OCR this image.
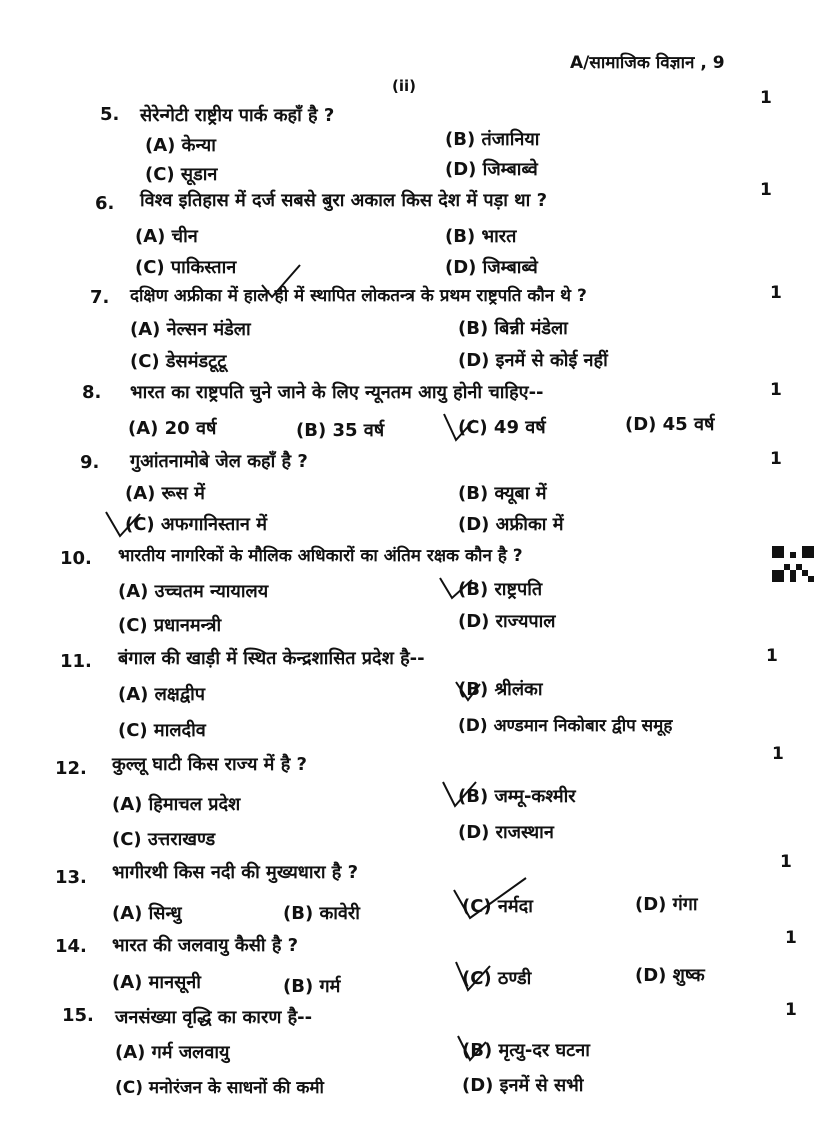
A/सामाजिक विज्ञान , 9
(ii)
5. सेरेन्गेटी राष्ट्रीय पार्क कहाँ है ?
1
(A) केन्या	(B) तंजानिया
(C) सूडान	(D) जिम्बाब्वे
6. विश्व इतिहास में दर्ज सबसे बुरा अकाल किस देश में पड़ा था ?	1
(A) चीन	(B) भारत
(C) पाकिस्तान	(D) जिम्बाब्वे
7. दक्षिण अफ्रीका में हाल ही में स्थापित लोकतन्त्र के प्रथम राष्ट्रपति कौन थे ?	1
(A) नेल्सन मंडेला	(B) बिन्नी मंडेला
(C) डेसमंडटूटू	(D) इनमें से कोई नहीं
8. भारत का राष्ट्रपति चुने जाने के लिए न्यूनतम आयु होनी चाहिए--	1
(A) 20 वर्ष	(B) 35 वर्ष	(C) 49 वर्ष	(D) 45 वर्ष
9. गुआंतनामोबे जेल कहाँ है ?	1
(A) रूस में	(B) क्यूबा में
(C) अफगानिस्तान में	(D) अफ्रीका में
10. भारतीय नागरिकों के मौलिक अधिकारों का अंतिम रक्षक कौन है ?
(A) उच्चतम न्यायालय	(B) राष्ट्रपति
(C) प्रधानमन्त्री	(D) राज्यपाल
11. बंगाल की खाड़ी में स्थित केन्द्रशासित प्रदेश है--	1
(A) लक्षद्वीप	(B) श्रीलंका
(C) मालदीव	(D) अण्डमान निकोबार द्वीप समूह
12. कुल्लू घाटी किस राज्य में है ?	1
(A) हिमाचल प्रदेश	(B) जम्मू-कश्मीर
(C) उत्तराखण्ड	(D) राजस्थान
13. भागीरथी किस नदी की मुख्यधारा है ?	1
(A) सिन्धु	(B) कावेरी	(C) नर्मदा	(D) गंगा
14. भारत की जलवायु कैसी है ?	1
(A) मानसूनी	(B) गर्म	(C) ठण्डी	(D) शुष्क
15. जनसंख्या वृद्धि का कारण है--	1
(A) गर्म जलवायु	(B) मृत्यु-दर घटना
(C) मनोरंजन के साधनों की कमी	(D) इनमें से सभी
